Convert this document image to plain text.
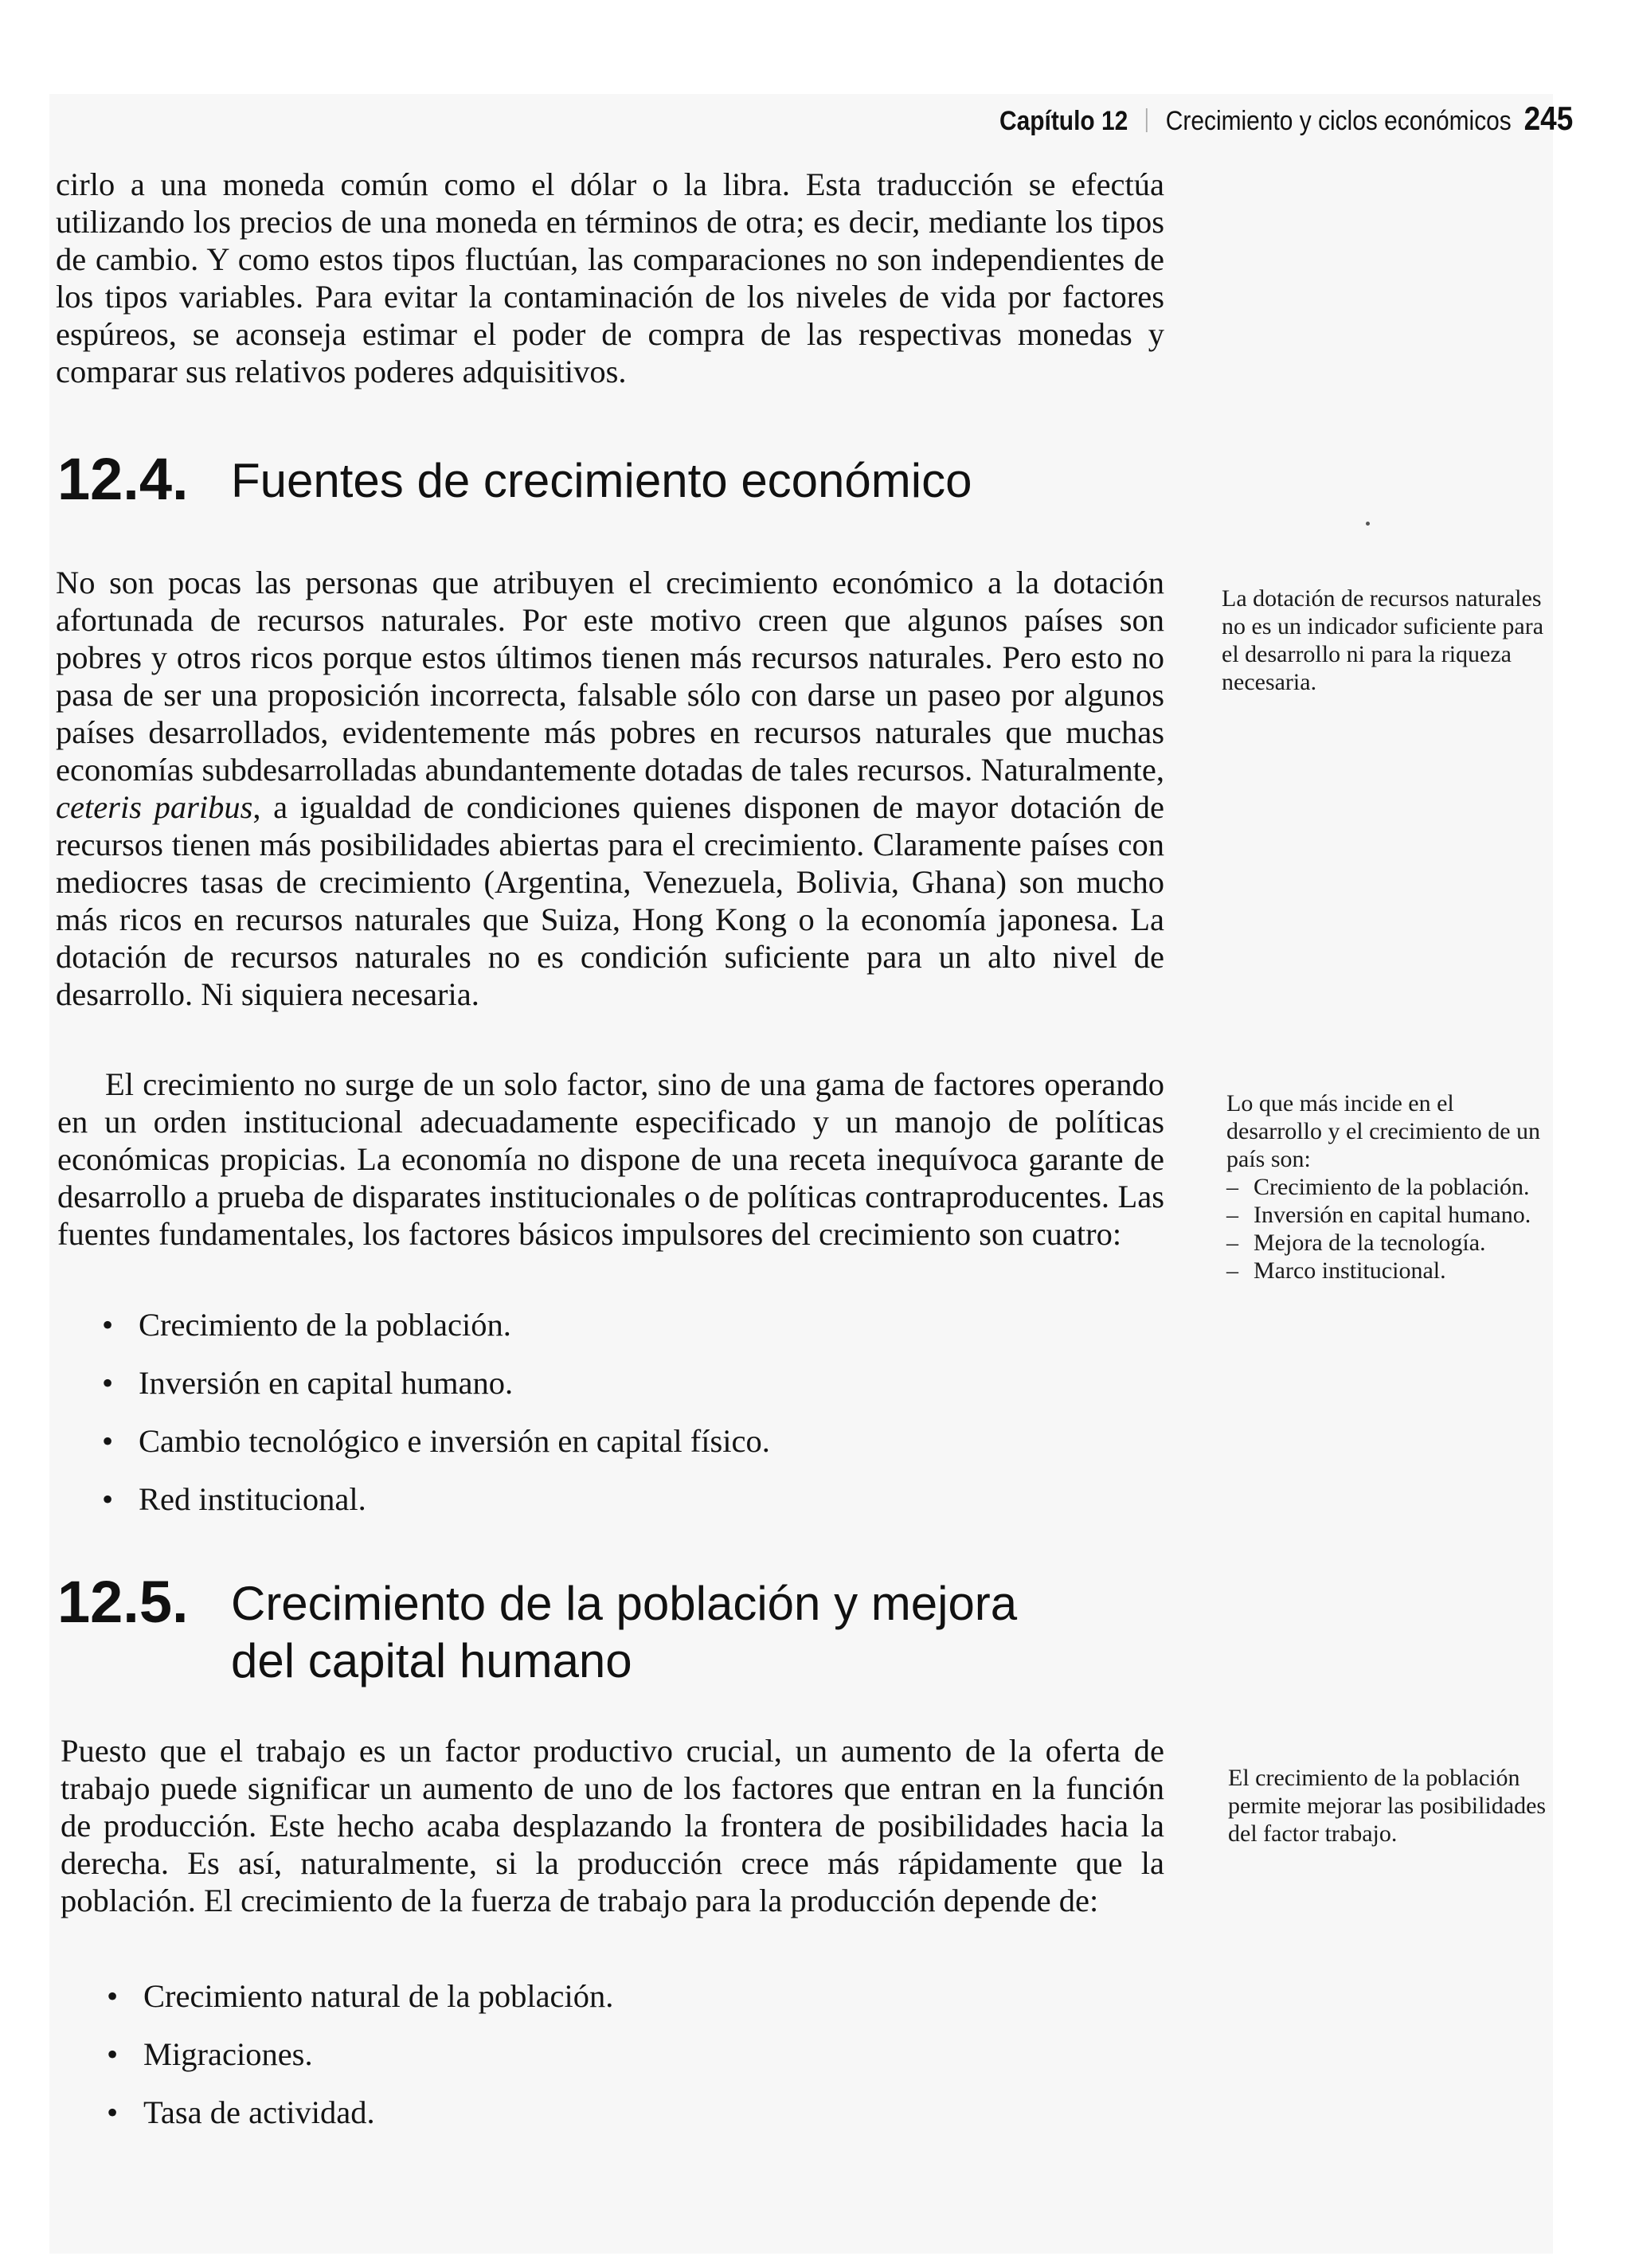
Capítulo 12 Crecimiento y ciclos económicos 245

cirlo a una moneda común como el dólar o la libra. Esta traducción se efectúa utilizando los precios de una moneda en términos de otra; es decir, mediante los tipos de cambio. Y como estos tipos fluctúan, las comparaciones no son independientes de los tipos variables. Para evitar la contaminación de los niveles de vida por factores espúreos, se aconseja estimar el poder de compra de las respectivas monedas y comparar sus relativos poderes adquisitivos.

12.4. Fuentes de crecimiento económico

No son pocas las personas que atribuyen el crecimiento económico a la dotación afortunada de recursos naturales. Por este motivo creen que algunos países son pobres y otros ricos porque estos últimos tienen más recursos naturales. Pero esto no pasa de ser una proposición incorrecta, falsable sólo con darse un paseo por algunos países desarrollados, evidentemente más pobres en recursos naturales que muchas economías subdesarrolladas abundantemente dotadas de tales recursos. Naturalmente, ceteris paribus, a igualdad de condiciones quienes disponen de mayor dotación de recursos tienen más posibilidades abiertas para el crecimiento. Claramente países con mediocres tasas de crecimiento (Argentina, Venezuela, Bolivia, Ghana) son mucho más ricos en recursos naturales que Suiza, Hong Kong o la economía japonesa. La dotación de recursos naturales no es condición suficiente para un alto nivel de desarrollo. Ni siquiera necesaria.

El crecimiento no surge de un solo factor, sino de una gama de factores operando en un orden institucional adecuadamente especificado y un manojo de políticas económicas propicias. La economía no dispone de una receta inequívoca garante de desarrollo a prueba de disparates institucionales o de políticas contraproducentes. Las fuentes fundamentales, los factores básicos impulsores del crecimiento son cuatro:

• Crecimiento de la población.
• Inversión en capital humano.
• Cambio tecnológico e inversión en capital físico.
• Red institucional.
12.5. Crecimiento de la población y mejora
del capital humano

Puesto que el trabajo es un factor productivo crucial, un aumento de la oferta de trabajo puede significar un aumento de uno de los factores que entran en la función de producción. Este hecho acaba desplazando la frontera de posibilidades hacia la derecha. Es así, naturalmente, si la producción crece más rápidamente que la población. El crecimiento de la fuerza de trabajo para la producción depende de:

• Crecimiento natural de la población.
• Migraciones.
• Tasa de actividad.

La dotación de recursos naturales no es un indicador suficiente para el desarrollo ni para la riqueza necesaria.

Lo que más incide en el desarrollo y el crecimiento de un país son:

– Crecimiento de la población.
– Inversión en capital humano.
– Mejora de la tecnología.
– Marco institucional.

El crecimiento de la población permite mejorar las posibilidades del factor trabajo.
